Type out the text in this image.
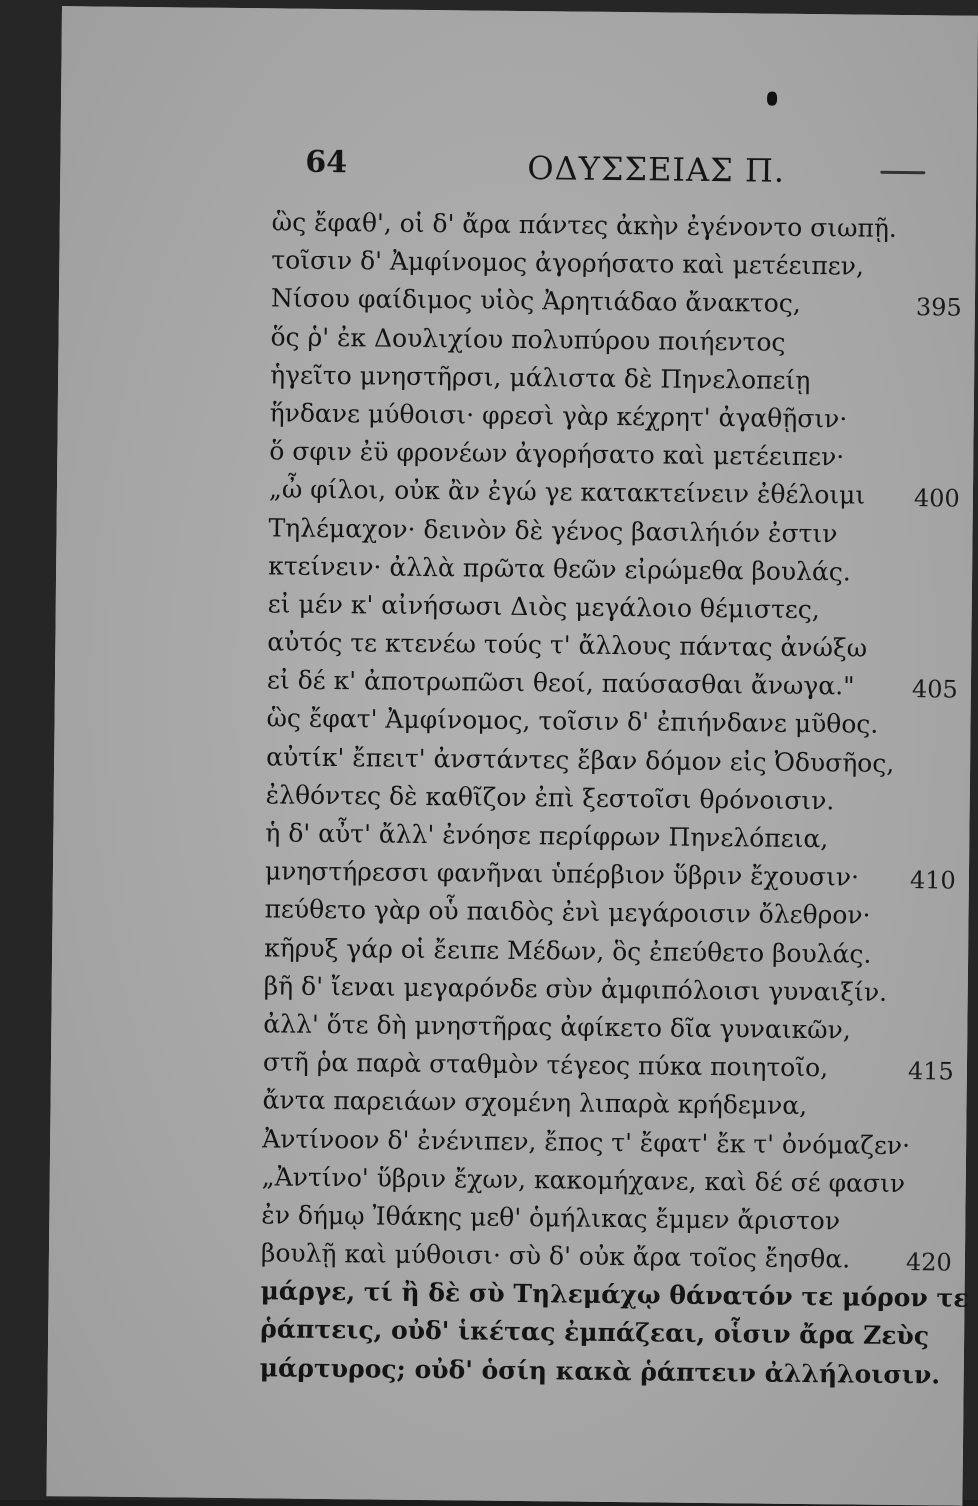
64	ΟΔΥΣΣΕΙΑΣ Π.
ὣς ἔφαθ', οἱ δ' ἄρα πάντες ἀκὴν ἐγένοντο σιωπῇ.
τοῖσιν δ' Ἀμφίνομος ἀγορήσατο καὶ μετέειπεν,
Νίσου φαίδιμος υἱὸς Ἀρητιάδαο ἄνακτος,	395
ὅς ῥ' ἐκ Δουλιχίου πολυπύρου ποιήεντος
ἡγεῖτο μνηστῆρσι, μάλιστα δὲ Πηνελοπείῃ
ἥνδανε μύθοισι· φρεσὶ γὰρ κέχρητ' ἀγαθῇσιν·
ὅ σφιν ἐϋ φρονέων ἀγορήσατο καὶ μετέειπεν·
„ὦ φίλοι, οὐκ ἂν ἐγώ γε κατακτείνειν ἐθέλοιμι 400
Τηλέμαχον· δεινὸν δὲ γένος βασιλήιόν ἐστιν
κτείνειν· ἀλλὰ πρῶτα θεῶν εἰρώμεθα βουλάς.
εἰ μέν κ' αἰνήσωσι Διὸς μεγάλοιο θέμιστες,
αὐτός τε κτενέω τούς τ' ἄλλους πάντας ἀνώξω
εἰ δέ κ' ἀποτρωπῶσι θεοί, παύσασθαι ἄνωγα." 405
ὣς ἔφατ' Ἀμφίνομος, τοῖσιν δ' ἐπιήνδανε μῦθος.
αὐτίκ' ἔπειτ' ἀνστάντες ἔβαν δόμον εἰς Ὀδυσῆος,
ἐλθόντες δὲ καθῖζον ἐπὶ ξεστοῖσι θρόνοισιν.
ἡ δ' αὖτ' ἄλλ' ἐνόησε περίφρων Πηνελόπεια,
μνηστήρεσσι φανῆναι ὑπέρβιον ὕβριν ἔχουσιν· 410
πεύθετο γὰρ οὗ παιδὸς ἐνὶ μεγάροισιν ὄλεθρον·
κῆρυξ γάρ οἱ ἔειπε Μέδων, ὃς ἐπεύθετο βουλάς.
βῆ δ' ἴεναι μεγαρόνδε σὺν ἀμφιπόλοισι γυναιξίν.
ἀλλ' ὅτε δὴ μνηστῆρας ἀφίκετο δῖα γυναικῶν,
στῆ ῥα παρὰ σταθμὸν τέγεος πύκα ποιητοῖο,	415
ἄντα παρειάων σχομένη λιπαρὰ κρήδεμνα,
Ἀντίνοον δ' ἐνένιπεν, ἔπος τ' ἔφατ' ἔκ τ' ὀνόμαζεν·
„Ἀντίνο' ὕβριν ἔχων, κακομήχανε, καὶ δέ σέ φασιν
ἐν δήμῳ Ἰθάκης μεθ' ὁμήλικας ἔμμεν ἄριστον
βουλῇ καὶ μύθοισι· σὺ δ' οὐκ ἄρα τοῖος ἔησθα. 420
μάργε, τί ἢ δὲ σὺ Τηλεμάχῳ θάνατόν τε μόρον τε
ῥάπτεις, οὐδ' ἱκέτας ἐμπάζεαι, οἷσιν ἄρα Ζεὺς
μάρτυρος; οὐδ' ὁσίη κακὰ ῥάπτειν ἀλλήλοισιν.
